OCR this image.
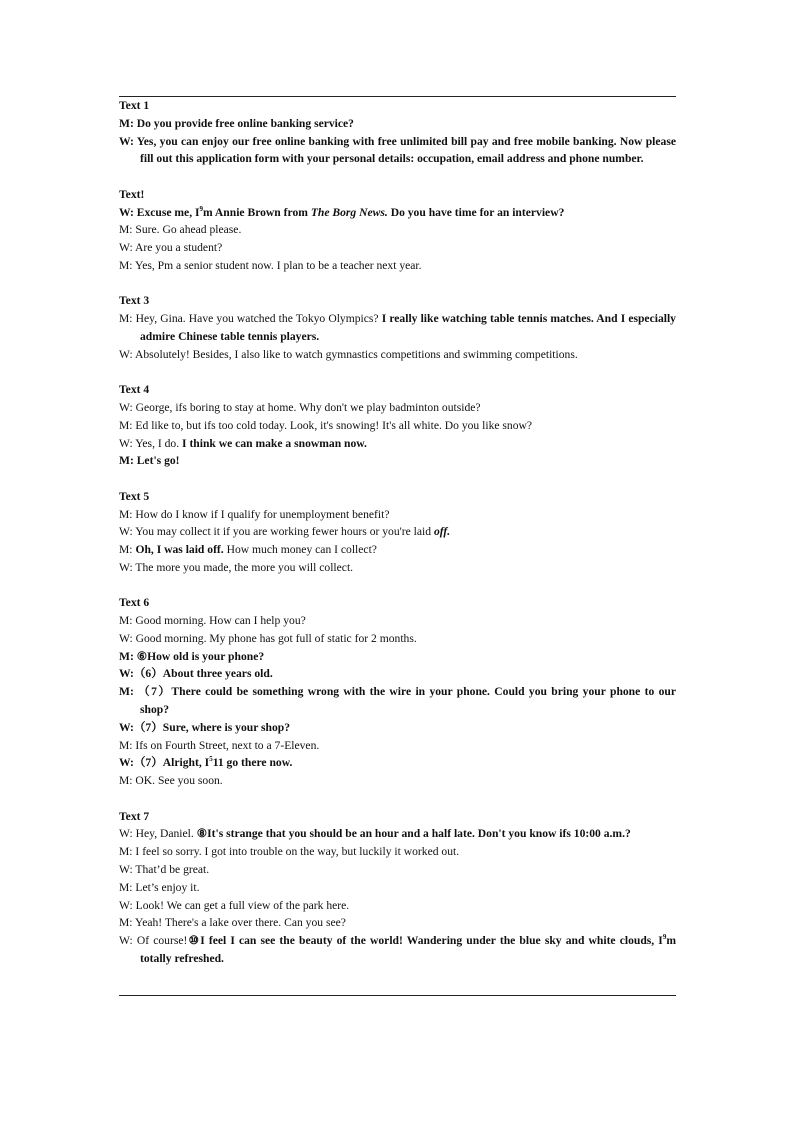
Text 1
M: Do you provide free online banking service?
W: Yes, you can enjoy our free online banking with free unlimited bill pay and free mobile banking. Now please fill out this application form with your personal details: occupation, email address and phone number.
Text!
W: Excuse me, $I^9m$ Annie Brown from The Borg News. Do you have time for an interview?
M: Sure. Go ahead please.
W: Are you a student?
M: Yes, Pm a senior student now. I plan to be a teacher next year.
Text 3
M: Hey, Gina. Have you watched the Tokyo Olympics? I really like watching table tennis matches. And I especially admire Chinese table tennis players.
W: Absolutely! Besides, I also like to watch gymnastics competitions and swimming competitions.
Text 4
W: George, ifs boring to stay at home. Why don't we play badminton outside?
M: Ed like to, but ifs too cold today. Look, it's snowing! It's all white. Do you like snow?
W: Yes, I do. I think we can make a snowman now.
M: Let's go!
Text 5
M: How do I know if I qualify for unemployment benefit?
W: You may collect it if you are working fewer hours or you're laid off.
M: Oh, I was laid off. How much money can I collect?
W: The more you made, the more you will collect.
Text 6
M: Good morning. How can I help you?
W: Good morning. My phone has got full of static for 2 months.
M: ⑥How old is your phone?
W:（6）About three years old.
M: （7）There could be something wrong with the wire in your phone. Could you bring your phone to our shop?
W:（7）Sure, where is your shop?
M: Ifs on Fourth Street, next to a 7-Eleven.
W:（7）Alright, $I^511$ go there now.
M: OK. See you soon.
Text 7
W: Hey, Daniel. ⑧It's strange that you should be an hour and a half late. Don't you know ifs 10:00 a.m.?
M: I feel so sorry. I got into trouble on the way, but luckily it worked out.
W: That’d be great.
M: Let’s enjoy it.
W: Look! We can get a full view of the park here.
M: Yeah! There's a lake over there. Can you see?
W: Of course!⑩I feel I can see the beauty of the world! Wandering under the blue sky and white clouds, $I^9m$ totally refreshed.
